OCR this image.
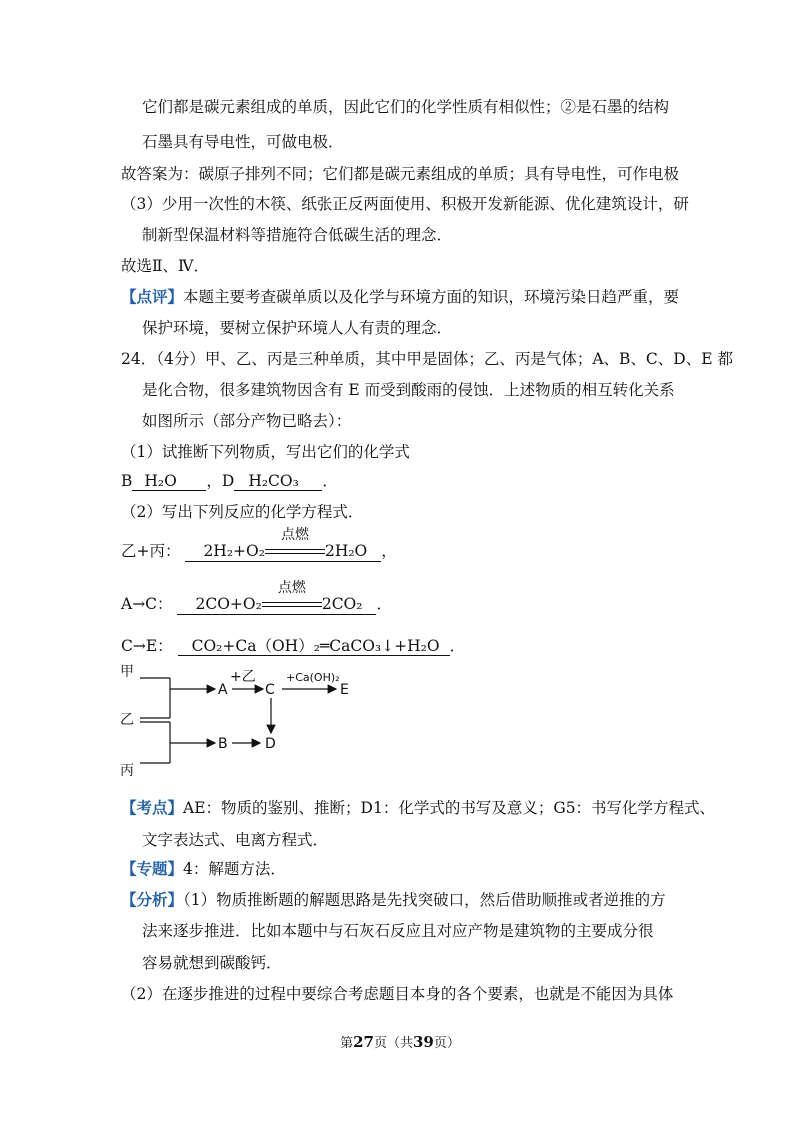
它们都是碳元素组成的单质，因此它们的化学性质有相似性；②是石墨的结构
石墨具有导电性，可做电极．
故答案为：碳原子排列不同；它们都是碳元素组成的单质；具有导电性，可作电极
（3）少用一次性的木筷、纸张正反两面使用、积极开发新能源、优化建筑设计，研
制新型保温材料等措施符合低碳生活的理念．
故选Ⅱ、Ⅳ．
【点评】本题主要考查碳单质以及化学与环境方面的知识，环境污染日趋严重，要
保护环境，要树立保护环境人人有责的理念．
24．（4分）甲、乙、丙是三种单质，其中甲是固体；乙、丙是气体；A、B、C、D、E 都
是化合物，很多建筑物因含有 E 而受到酸雨的侵蚀．上述物质的相互转化关系
如图所示（部分产物已略去）：
（1）试推断下列物质，写出它们的化学式
B H₂O ，D H₂CO₃ ．
（2）写出下列反应的化学方程式．
乙+丙： 2H₂+O₂
点燃
2H₂O ，
A→C： 2CO+O₂
点燃
2CO₂ ．
C→E： CO₂+Ca（OH）₂═CaCO₃↓+H₂O ．
甲
乙
丙
A
B
C
D
E
+乙	+Ca(OH)₂
【考点】AE：物质的鉴别、推断；D1：化学式的书写及意义；G5：书写化学方程式、
文字表达式、电离方程式．
【专题】4：解题方法．
【分析】（1）物质推断题的解题思路是先找突破口，然后借助顺推或者逆推的方
法来逐步推进．比如本题中与石灰石反应且对应产物是建筑物的主要成分很
容易就想到碳酸钙．
（2）在逐步推进的过程中要综合考虑题目本身的各个要素，也就是不能因为具体
第27页（共39页）
